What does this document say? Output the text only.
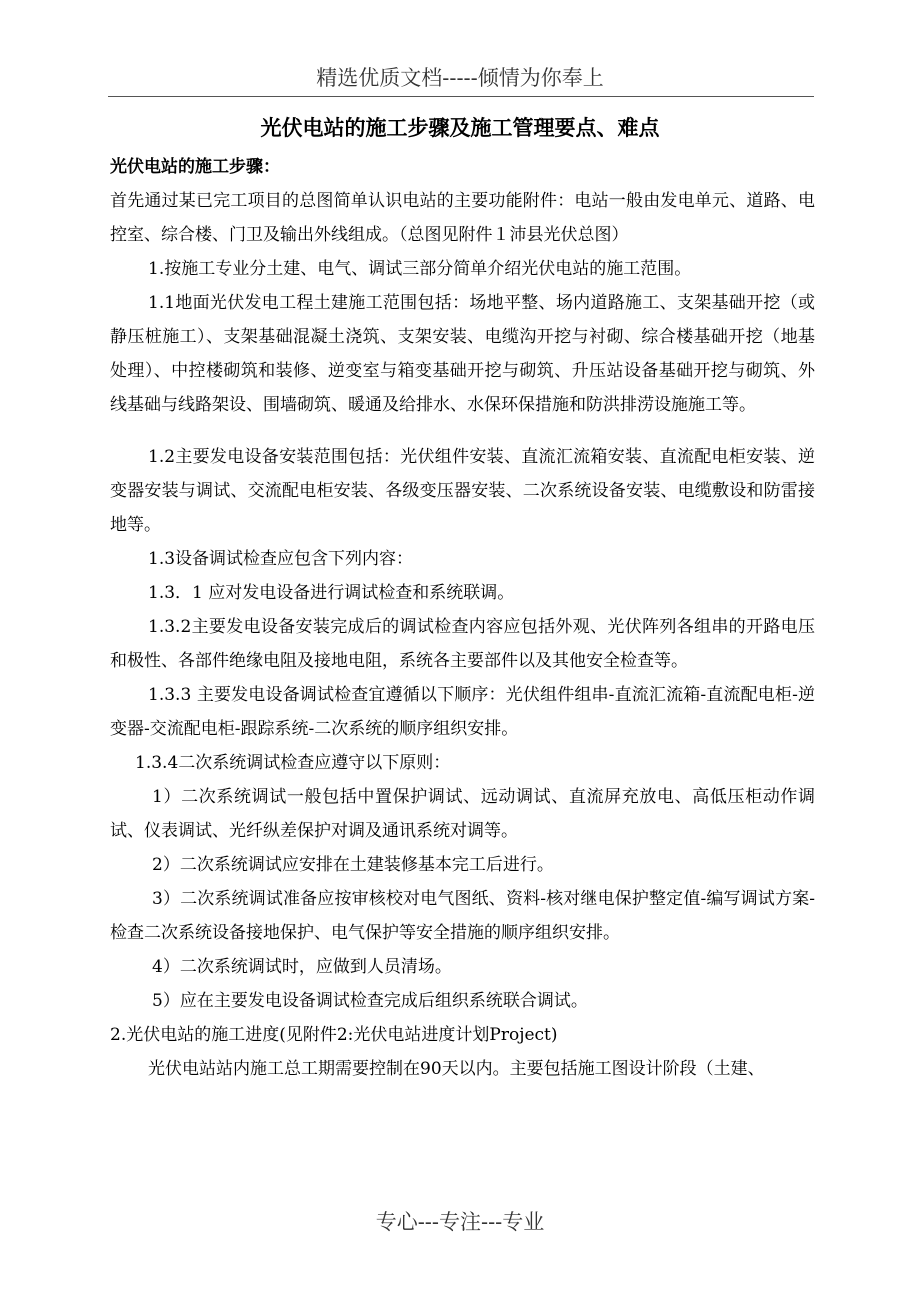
精选优质文档-----倾情为你奉上
光伏电站的施工步骤及施工管理要点、难点

光伏电站的施工步骤：

首先通过某已完工项目的总图简单认识电站的主要功能附件：电站一般由发电单元、道路、电控室、综合楼、门卫及输出外线组成。（总图见附件１沛县光伏总图）

1.按施工专业分土建、电气、调试三部分简单介绍光伏电站的施工范围。

1.1地面光伏发电工程土建施工范围包括：场地平整、场内道路施工、支架基础开挖（或静压桩施工）、支架基础混凝土浇筑、支架安装、电缆沟开挖与衬砌、综合楼基础开挖（地基处理）、中控楼砌筑和装修、逆变室与箱变基础开挖与砌筑、升压站设备基础开挖与砌筑、外线基础与线路架设、围墙砌筑、暖通及给排水、水保环保措施和防洪排涝设施施工等。

1.2主要发电设备安装范围包括：光伏组件安装、直流汇流箱安装、直流配电柜安装、逆变器安装与调试、交流配电柜安装、各级变压器安装、二次系统设备安装、电缆敷设和防雷接地等。

1.3设备调试检查应包含下列内容：

1.3．1 应对发电设备进行调试检查和系统联调。

1.3.2主要发电设备安装完成后的调试检查内容应包括外观、光伏阵列各组串的开路电压和极性、各部件绝缘电阻及接地电阻，系统各主要部件以及其他安全检查等。

1.3.3 主要发电设备调试检查宜遵循以下顺序：光伏组件组串-直流汇流箱-直流配电柜-逆变器-交流配电柜-跟踪系统-二次系统的顺序组织安排。

1.3.4二次系统调试检查应遵守以下原则：

1）二次系统调试一般包括中置保护调试、远动调试、直流屏充放电、高低压柜动作调试、仪表调试、光纤纵差保护对调及通讯系统对调等。

2）二次系统调试应安排在土建装修基本完工后进行。

3）二次系统调试准备应按审核校对电气图纸、资料-核对继电保护整定值-编写调试方案-检查二次系统设备接地保护、电气保护等安全措施的顺序组织安排。

4）二次系统调试时，应做到人员清场。

5）应在主要发电设备调试检查完成后组织系统联合调试。

2.光伏电站的施工进度(见附件2:光伏电站进度计划Project)

光伏电站站内施工总工期需要控制在90天以内。主要包括施工图设计阶段（土建、

专心---专注---专业
